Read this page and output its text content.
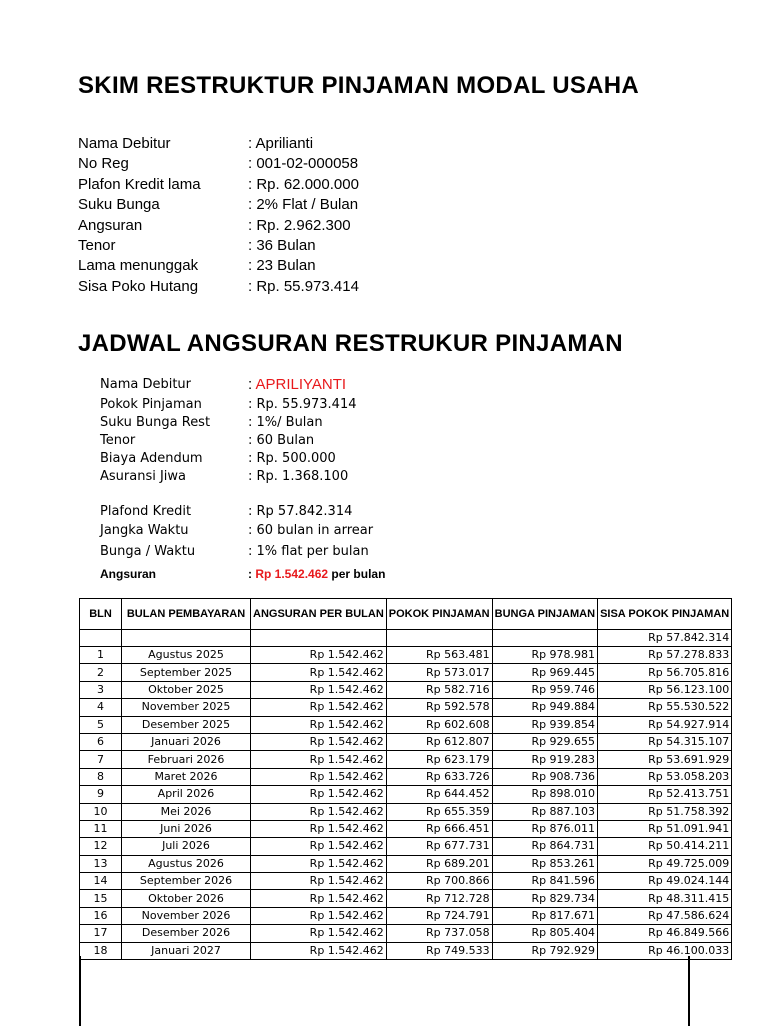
SKIM RESTRUKTUR PINJAMAN MODAL USAHA
Nama Debitur	: Aprilianti
No Reg	: 001-02-000058
Plafon Kredit lama	: Rp. 62.000.000
Suku Bunga	: 2% Flat / Bulan
Angsuran	: Rp. 2.962.300
Tenor	: 36 Bulan
Lama menunggak	: 23 Bulan
Sisa Poko Hutang	: Rp. 55.973.414
JADWAL ANGSURAN RESTRUKUR PINJAMAN
Nama Debitur	: APRILIYANTI
Pokok Pinjaman	: Rp. 55.973.414
Suku Bunga Rest	: 1%/ Bulan
Tenor	: 60 Bulan
Biaya Adendum	: Rp. 500.000
Asuransi Jiwa	: Rp. 1.368.100
Plafond Kredit	: Rp 57.842.314
Jangka Waktu	: 60 bulan in arrear
Bunga / Waktu	: 1% flat per bulan
Angsuran	: Rp 1.542.462 per bulan
BLN	BULAN PEMBAYARAN	ANGSURAN PER BULAN	POKOK PINJAMAN	BUNGA PINJAMAN	SISA POKOK PINJAMAN
					Rp 57.842.314
1	Agustus 2025	Rp 1.542.462	Rp 563.481	Rp 978.981	Rp 57.278.833
2	September 2025	Rp 1.542.462	Rp 573.017	Rp 969.445	Rp 56.705.816
3	Oktober 2025	Rp 1.542.462	Rp 582.716	Rp 959.746	Rp 56.123.100
4	November 2025	Rp 1.542.462	Rp 592.578	Rp 949.884	Rp 55.530.522
5	Desember 2025	Rp 1.542.462	Rp 602.608	Rp 939.854	Rp 54.927.914
6	Januari 2026	Rp 1.542.462	Rp 612.807	Rp 929.655	Rp 54.315.107
7	Februari 2026	Rp 1.542.462	Rp 623.179	Rp 919.283	Rp 53.691.929
8	Maret 2026	Rp 1.542.462	Rp 633.726	Rp 908.736	Rp 53.058.203
9	April 2026	Rp 1.542.462	Rp 644.452	Rp 898.010	Rp 52.413.751
10	Mei 2026	Rp 1.542.462	Rp 655.359	Rp 887.103	Rp 51.758.392
11	Juni 2026	Rp 1.542.462	Rp 666.451	Rp 876.011	Rp 51.091.941
12	Juli 2026	Rp 1.542.462	Rp 677.731	Rp 864.731	Rp 50.414.211
13	Agustus 2026	Rp 1.542.462	Rp 689.201	Rp 853.261	Rp 49.725.009
14	September 2026	Rp 1.542.462	Rp 700.866	Rp 841.596	Rp 49.024.144
15	Oktober 2026	Rp 1.542.462	Rp 712.728	Rp 829.734	Rp 48.311.415
16	November 2026	Rp 1.542.462	Rp 724.791	Rp 817.671	Rp 47.586.624
17	Desember 2026	Rp 1.542.462	Rp 737.058	Rp 805.404	Rp 46.849.566
18	Januari 2027	Rp 1.542.462	Rp 749.533	Rp 792.929	Rp 46.100.033
